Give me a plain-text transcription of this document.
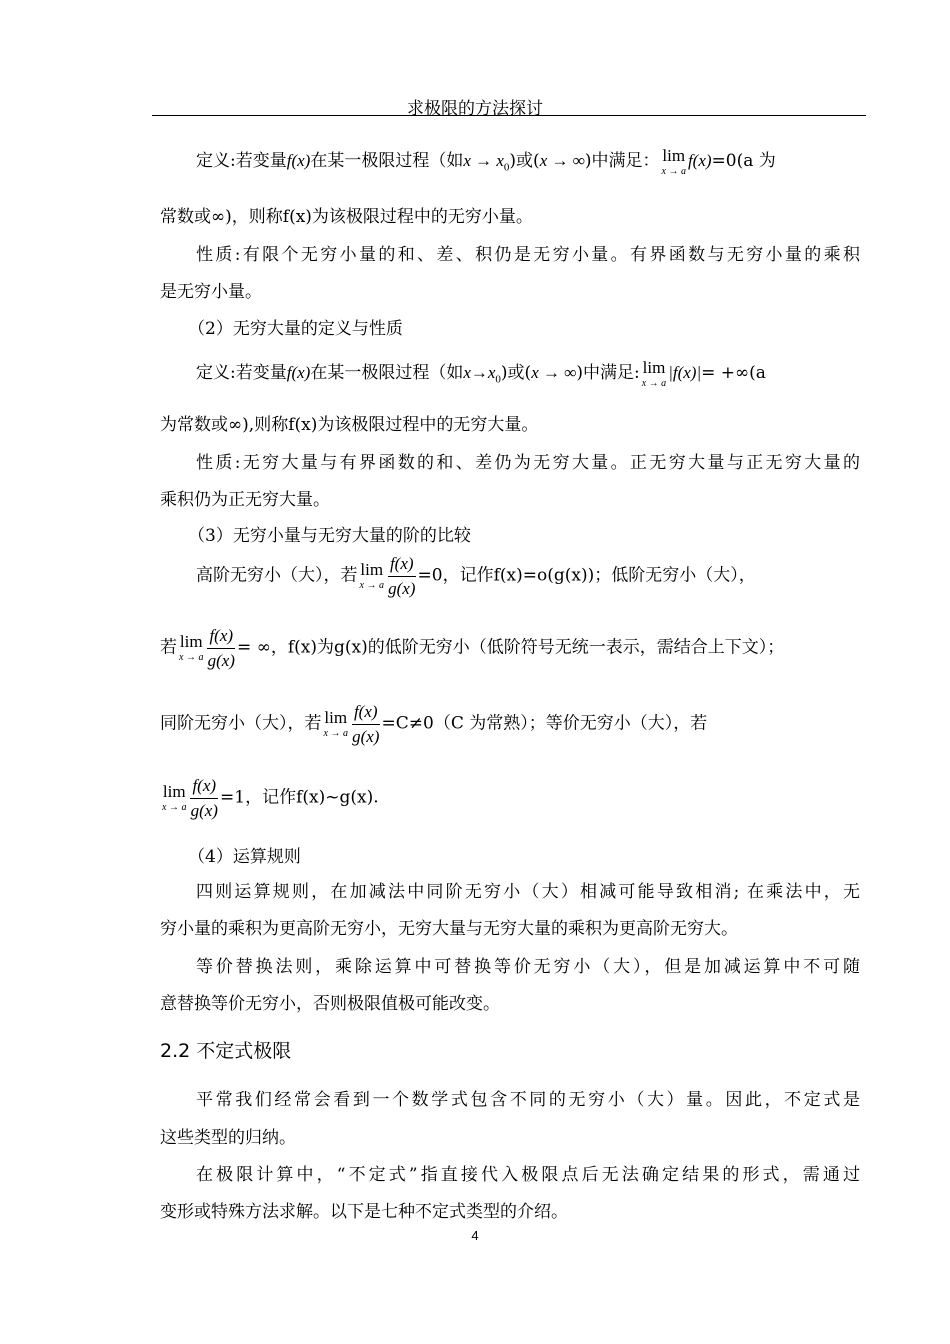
求极限的方法探讨
定义:若变量f(x)在某一极限过程（如$x \to x_0$)或(x → ∞)中满足： lim
x → a
f(x)=0(a 为
常数或∞)，则称f(x)为该极限过程中的无穷小量。
性质:有限个无穷小量的和、差、积仍是无穷小量。有界函数与无穷小量的乘积
是无穷小量。
（2）无穷大量的定义与性质
定义:若变量f(x)在某一极限过程（如$x\to x_0$)或(x → ∞)中满足: lim
x → a
|f(x)|= +∞(a
为常数或∞),则称f(x)为该极限过程中的无穷大量。
性质:无穷大量与有界函数的和、差仍为无穷大量。正无穷大量与正无穷大量的
乘积仍为正无穷大量。
（3）无穷小量与无穷大量的阶的比较
高阶无穷小（大），若 lim
x → a $\frac{f(x)}{g(x)} =0$，记作f(x)=o(g(x))；低阶无穷小（大），
若 lim
x → a $\frac{f(x)}{g(x)}$ = ∞，f(x)为g(x)的低阶无穷小（低阶符号无统一表示，需结合上下文）；
同阶无穷小（大），若 lim
x → a $\frac{f(x)}{g(x)} =C\ne 0(C$ 为常熟）；等价无穷小（大），若
lim
x → a $\frac{f(x)}{g(x)} =1$，记作f(x)~g(x).
（4）运算规则
四则运算规则，在加减法中同阶无穷小（大）相减可能导致相消; 在乘法中，无
穷小量的乘积为更高阶无穷小，无穷大量与无穷大量的乘积为更高阶无穷大。
等价替换法则，乘除运算中可替换等价无穷小（大），但是加减运算中不可随
意替换等价无穷小，否则极限值极可能改变。
2.2 不定式极限
平常我们经常会看到一个数学式包含不同的无穷小（大）量。因此，不定式是
这些类型的归纳。
在极限计算中，“不定式”指直接代入极限点后无法确定结果的形式，需通过
变形或特殊方法求解。以下是七种不定式类型的介绍。
4
